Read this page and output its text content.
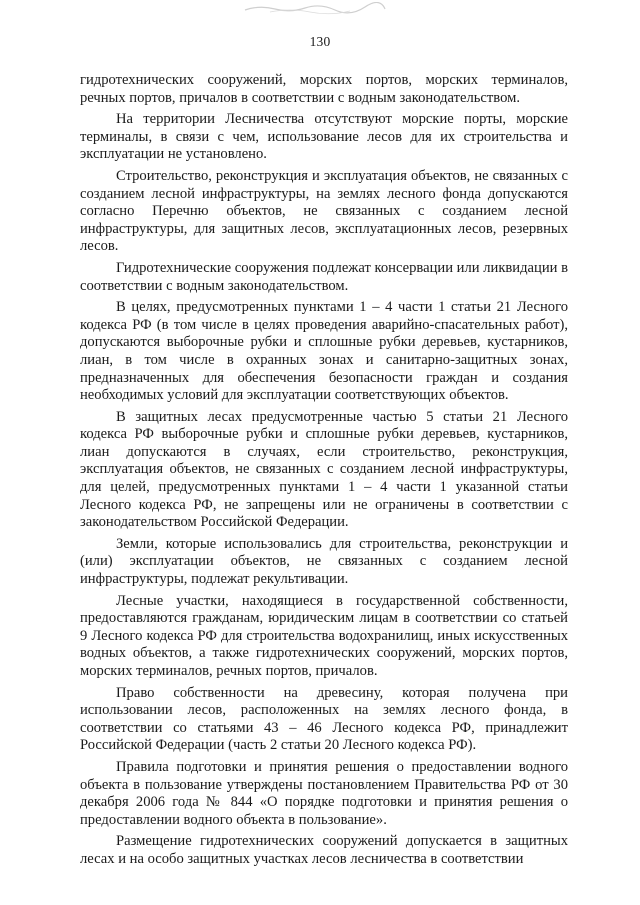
130

гидротехнических сооружений, морских портов, морских терминалов, речных портов, причалов в соответствии с водным законодательством.

На территории Лесничества отсутствуют морские порты, морские терминалы, в связи с чем, использование лесов для их строительства и эксплуатации не установлено.

Строительство, реконструкция и эксплуатация объектов, не связанных с созданием лесной инфраструктуры, на землях лесного фонда допускаются согласно Перечню объектов, не связанных с созданием лесной инфраструктуры, для защитных лесов, эксплуатационных лесов, резервных лесов.

Гидротехнические сооружения подлежат консервации или ликвидации в соответствии с водным законодательством.

В целях, предусмотренных пунктами 1 – 4 части 1 статьи 21 Лесного кодекса РФ (в том числе в целях проведения аварийно-спасательных работ), допускаются выборочные рубки и сплошные рубки деревьев, кустарников, лиан, в том числе в охранных зонах и санитарно-защитных зонах, предназначенных для обеспечения безопасности граждан и создания необходимых условий для эксплуатации соответствующих объектов.

В защитных лесах предусмотренные частью 5 статьи 21 Лесного кодекса РФ выборочные рубки и сплошные рубки деревьев, кустарников, лиан допускаются в случаях, если строительство, реконструкция, эксплуатация объектов, не связанных с созданием лесной инфраструктуры, для целей, предусмотренных пунктами 1 – 4 части 1 указанной статьи Лесного кодекса РФ, не запрещены или не ограничены в соответствии с законодательством Российской Федерации.

Земли, которые использовались для строительства, реконструкции и (или) эксплуатации объектов, не связанных с созданием лесной инфраструктуры, подлежат рекультивации.

Лесные участки, находящиеся в государственной собственности, предоставляются гражданам, юридическим лицам в соответствии со статьей 9 Лесного кодекса РФ для строительства водохранилищ, иных искусственных водных объектов, а также гидротехнических сооружений, морских портов, морских терминалов, речных портов, причалов.

Право собственности на древесину, которая получена при использовании лесов, расположенных на землях лесного фонда, в соответствии со статьями 43 – 46 Лесного кодекса РФ, принадлежит Российской Федерации (часть 2 статьи 20 Лесного кодекса РФ).

Правила подготовки и принятия решения о предоставлении водного объекта в пользование утверждены постановлением Правительства РФ от 30 декабря 2006 года № 844 «О порядке подготовки и принятия решения о предоставлении водного объекта в пользование».

Размещение гидротехнических сооружений допускается в защитных лесах и на особо защитных участках лесов лесничества в соответствии
